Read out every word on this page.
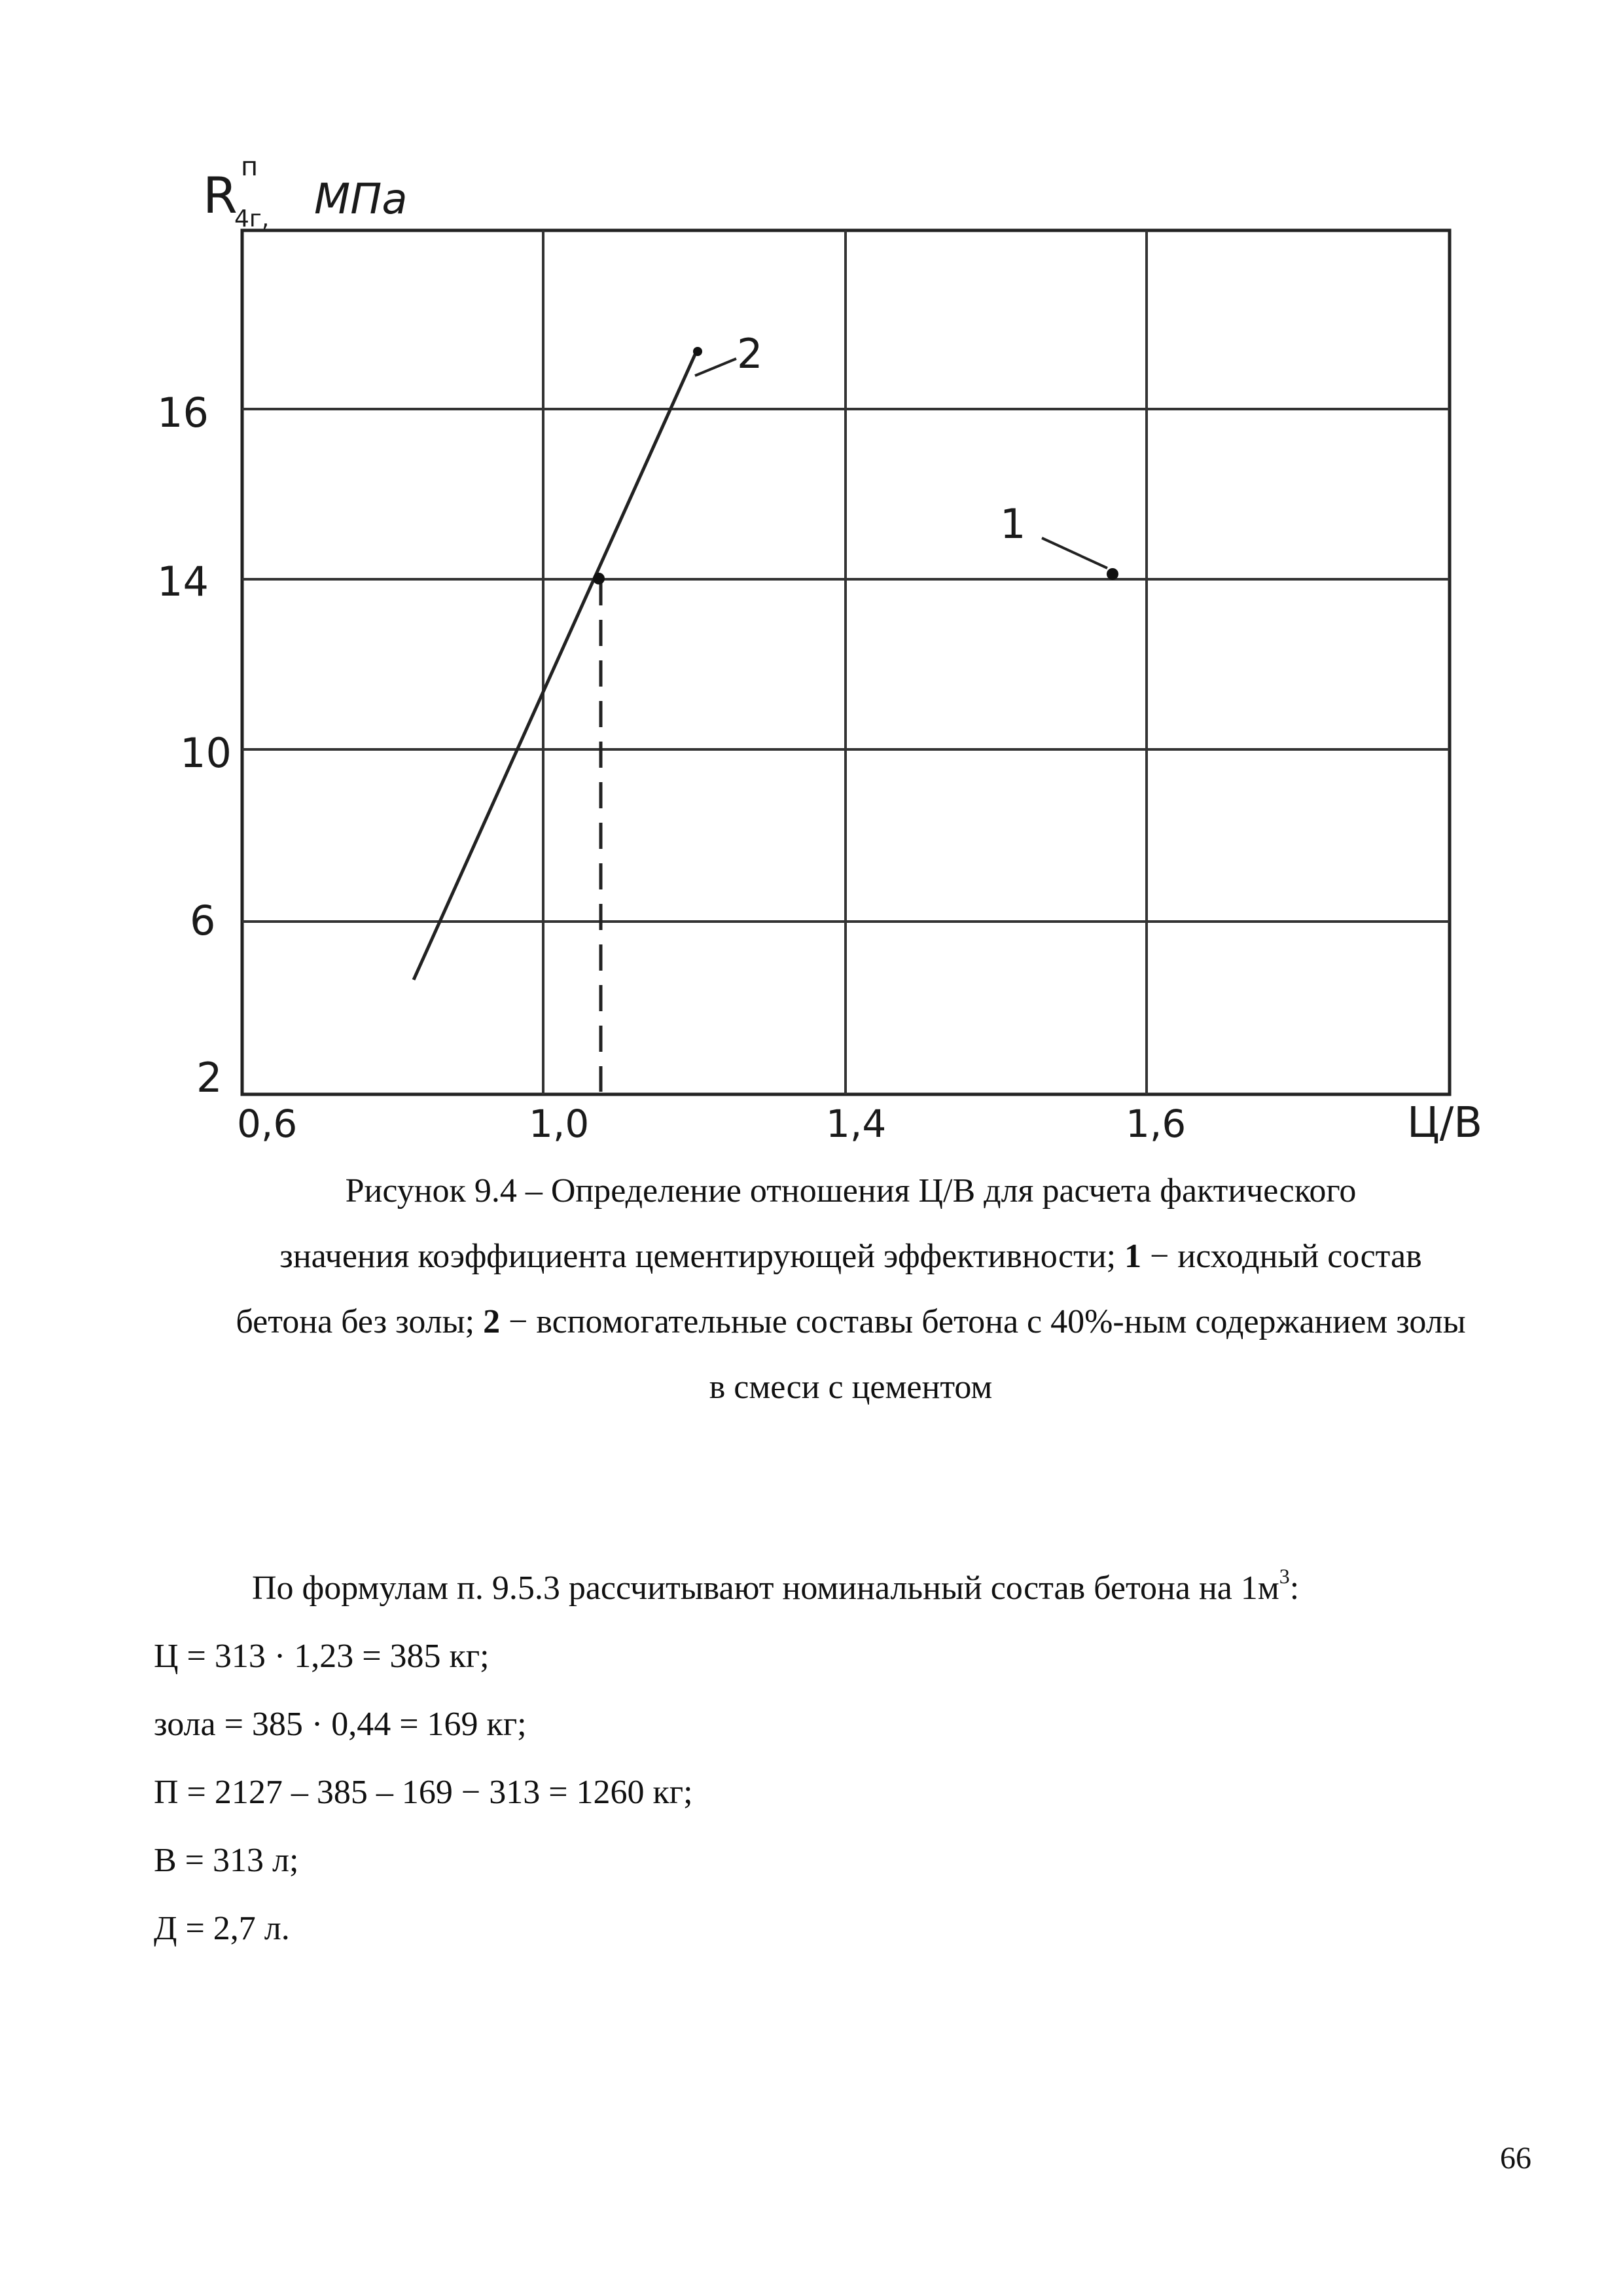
R п
4г, МПа
16
14
10
6
2
0,6	1,0	1,4	1,6	Ц/В
2
1
Рисунок 9.4 – Определение отношения Ц/В для расчета фактического
значения коэффициента цементирующей эффективности; 1 − исходный состав
бетона без золы; 2 − вспомогательные составы бетона с 40%-ным содержанием золы
в смеси с цементом
По формулам п. 9.5.3 рассчитывают номинальный состав бетона на $1м^3$:
Ц = 313 · 1,23 = 385 кг;
зола = 385 · 0,44 = 169 кг;
П = 2127 – 385 – 169 − 313 = 1260 кг;
В = 313 л;
Д = 2,7 л.
66
